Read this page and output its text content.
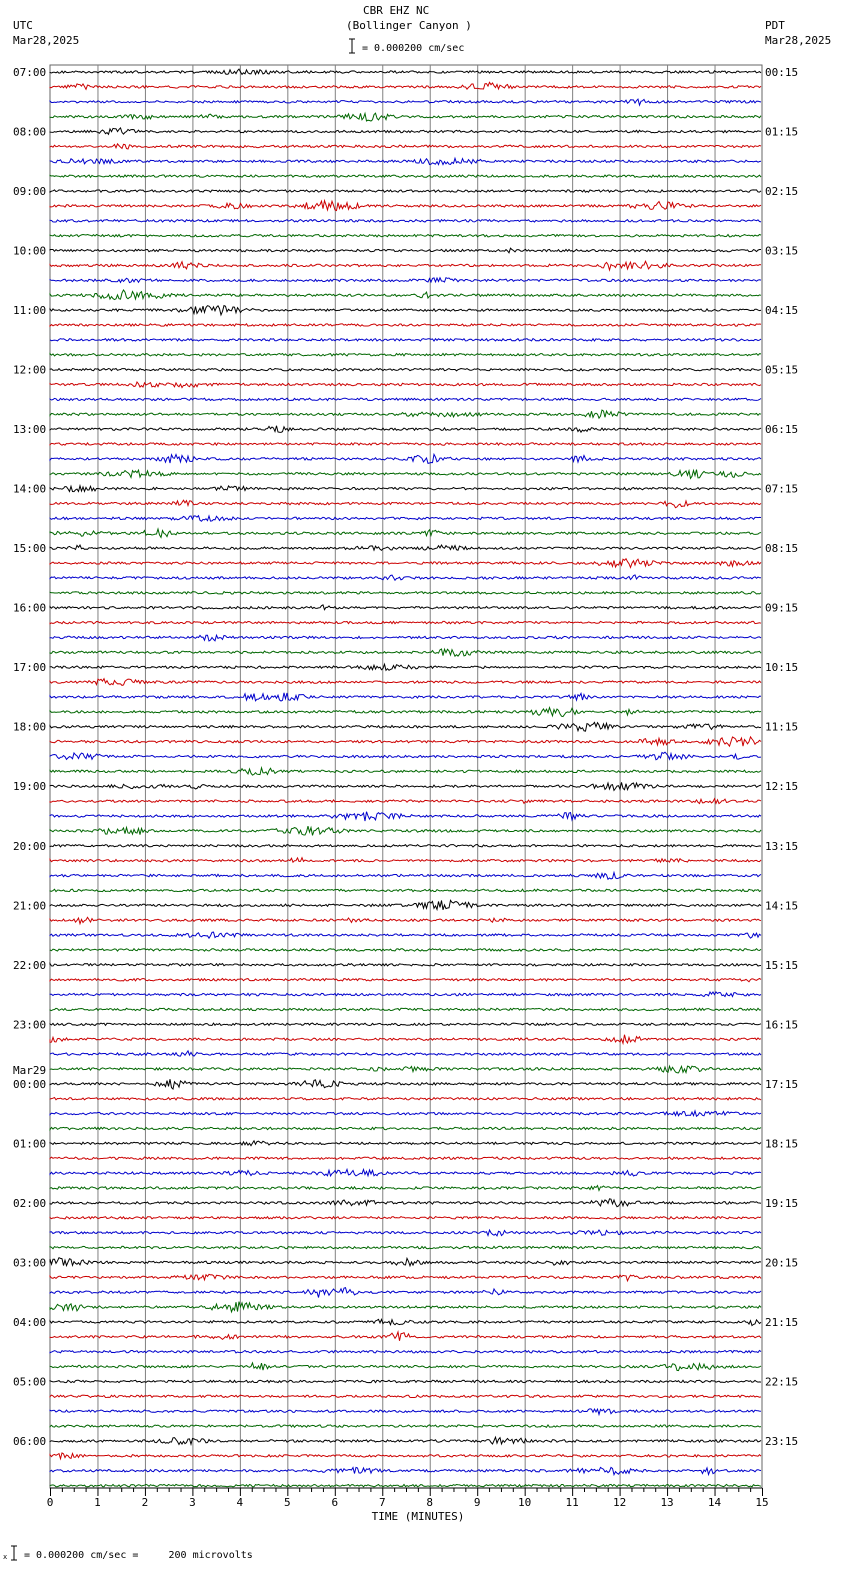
CBR EHZ NC
(Bollinger Canyon )
UTC
Mar28,2025
PDT
Mar28,2025
= 0.000200 cm/sec
= 0.000200 cm/sec =     200 microvolts
07:00
08:00
09:00
10:00
11:00
12:00
13:00
14:00
15:00
16:00
17:00
18:00
19:00
20:00
21:00
22:00
23:00
00:00
Mar29
01:00
02:00
03:00
04:00
05:00
06:00
00:15
01:15
02:15
03:15
04:15
05:15
06:15
07:15
08:15
09:15
10:15
11:15
12:15
13:15
14:15
15:15
16:15
17:15
18:15
19:15
20:15
21:15
22:15
23:15
0	1	2	3	4	5	6	7	8	9	10	11	12	13	14	15
TIME (MINUTES)
x
